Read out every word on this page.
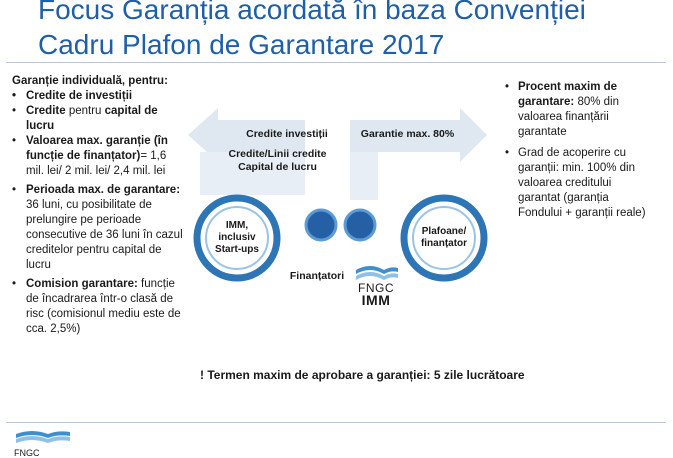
Focus Garanția acordată în baza Convenției Cadru Plafon de Garantare 2017
Garanție individuală, pentru:
• Credite de investiții
• Credite pentru capital de lucru
• Valoarea max. garanție (în funcție de finanțator)= 1,6 mil. lei/ 2 mil. lei/ 2,4 mil. lei
• Perioada max. de garantare: 36 luni, cu posibilitate de prelungire pe perioade consecutive de 36 luni în cazul creditelor pentru capital de lucru
• Comision garantare: funcție de încadrarea într-o clasă de risc (comisionul mediu este de cca. 2,5%)
Credite investiții
Credite/Linii credite Capital de lucru
Garantie max. 80%
IMM, inclusiv Start-ups
Plafoane/ finanțator
Finanțatori
FNGC
IMM
• Procent maxim de garantare: 80% din valoarea finanțării garantate
• Grad de acoperire cu garanții: min. 100% din valoarea creditului garantat (garanția Fondului + garanții reale)
! Termen maxim de aprobare a garanției: 5 zile lucrătoare
FNGC
